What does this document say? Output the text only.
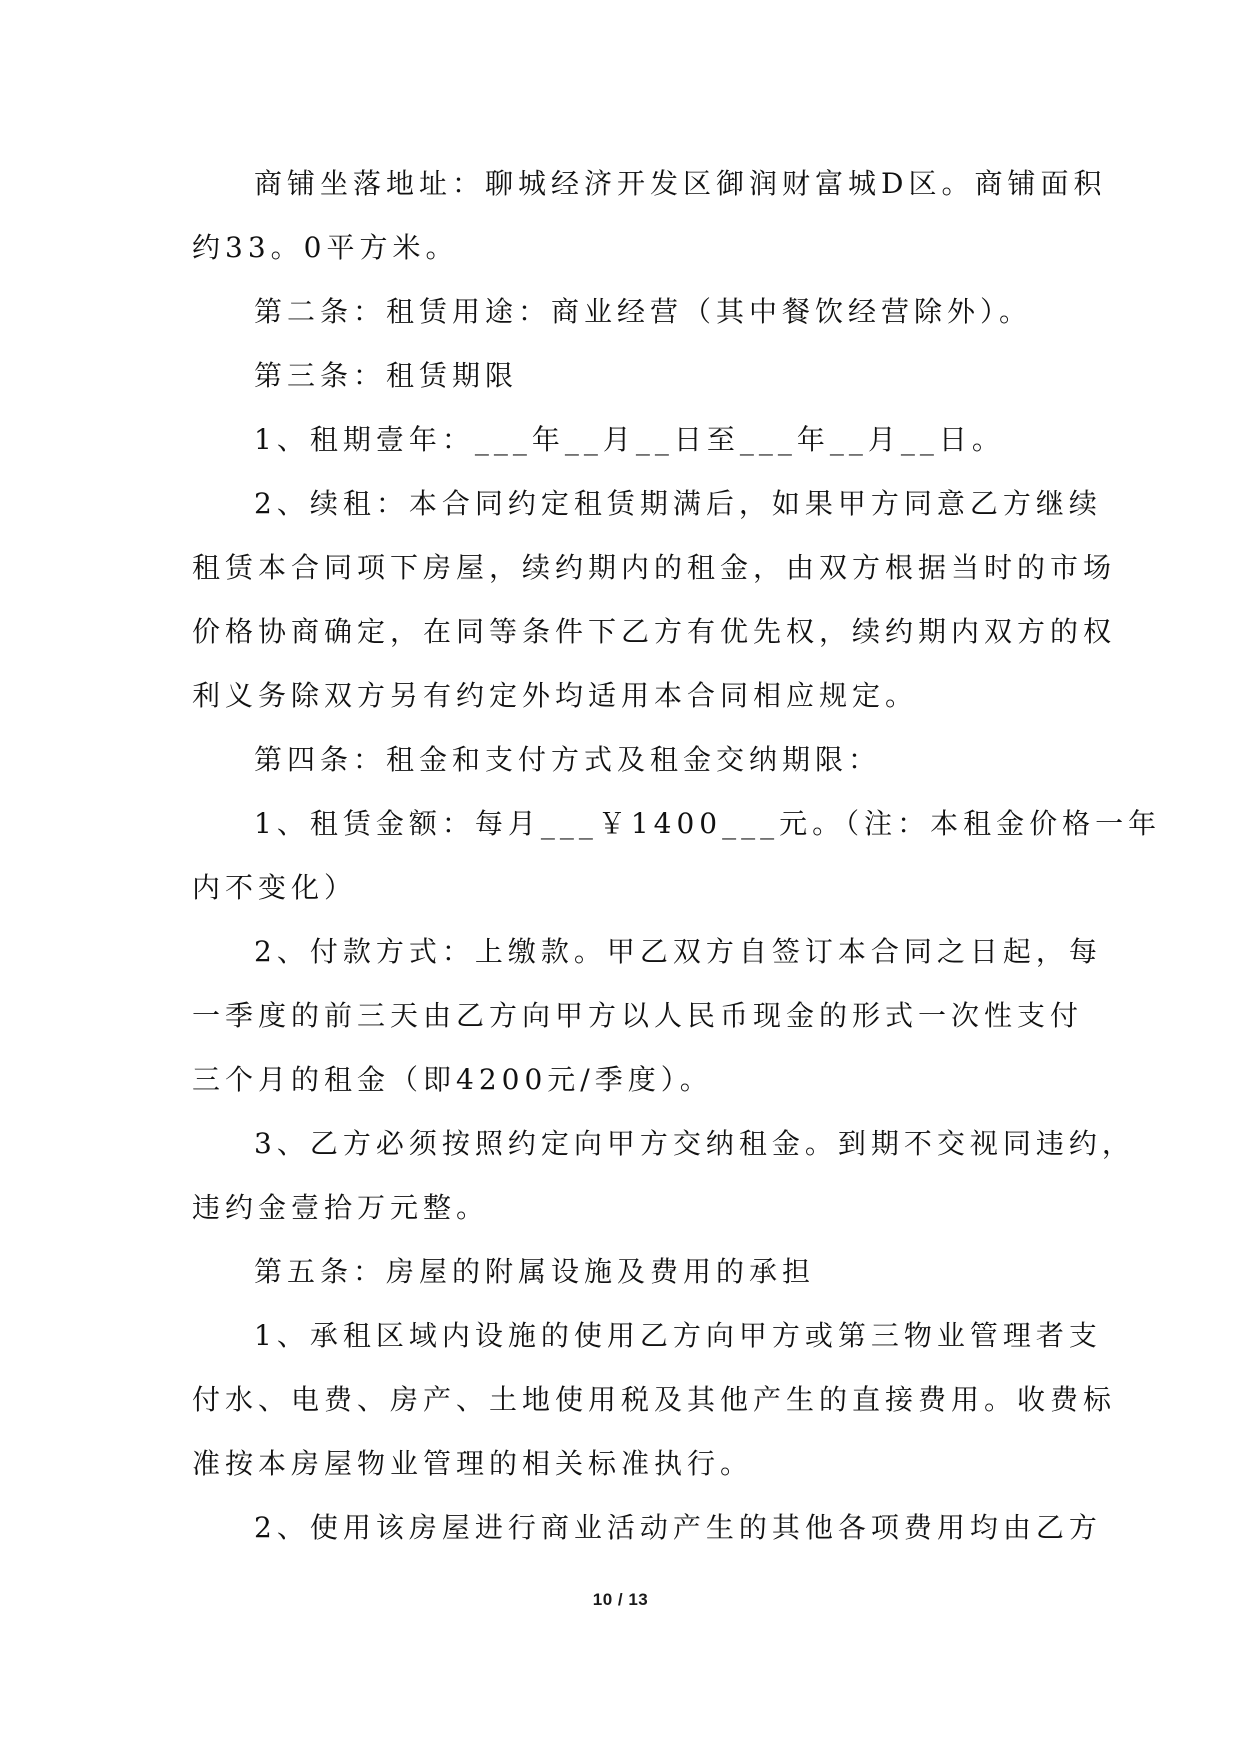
商铺坐落地址：聊城经济开发区御润财富城D区。商铺面积
约33。0平方米。
第二条：租赁用途：商业经营（其中餐饮经营除外）。
第三条：租赁期限
1、租期壹年：___年__月__日至___年__月__日。
2、续租：本合同约定租赁期满后，如果甲方同意乙方继续
租赁本合同项下房屋，续约期内的租金，由双方根据当时的市场
价格协商确定，在同等条件下乙方有优先权，续约期内双方的权
利义务除双方另有约定外均适用本合同相应规定。
第四条：租金和支付方式及租金交纳期限：
1、租赁金额：每月___￥1400___元。（注：本租金价格一年
内不变化）
2、付款方式：上缴款。甲乙双方自签订本合同之日起，每
一季度的前三天由乙方向甲方以人民币现金的形式一次性支付
三个月的租金（即4200元/季度）。
3、乙方必须按照约定向甲方交纳租金。到期不交视同违约，
违约金壹拾万元整。
第五条：房屋的附属设施及费用的承担
1、承租区域内设施的使用乙方向甲方或第三物业管理者支
付水、电费、房产、土地使用税及其他产生的直接费用。收费标
准按本房屋物业管理的相关标准执行。
2、使用该房屋进行商业活动产生的其他各项费用均由乙方
10 / 13
